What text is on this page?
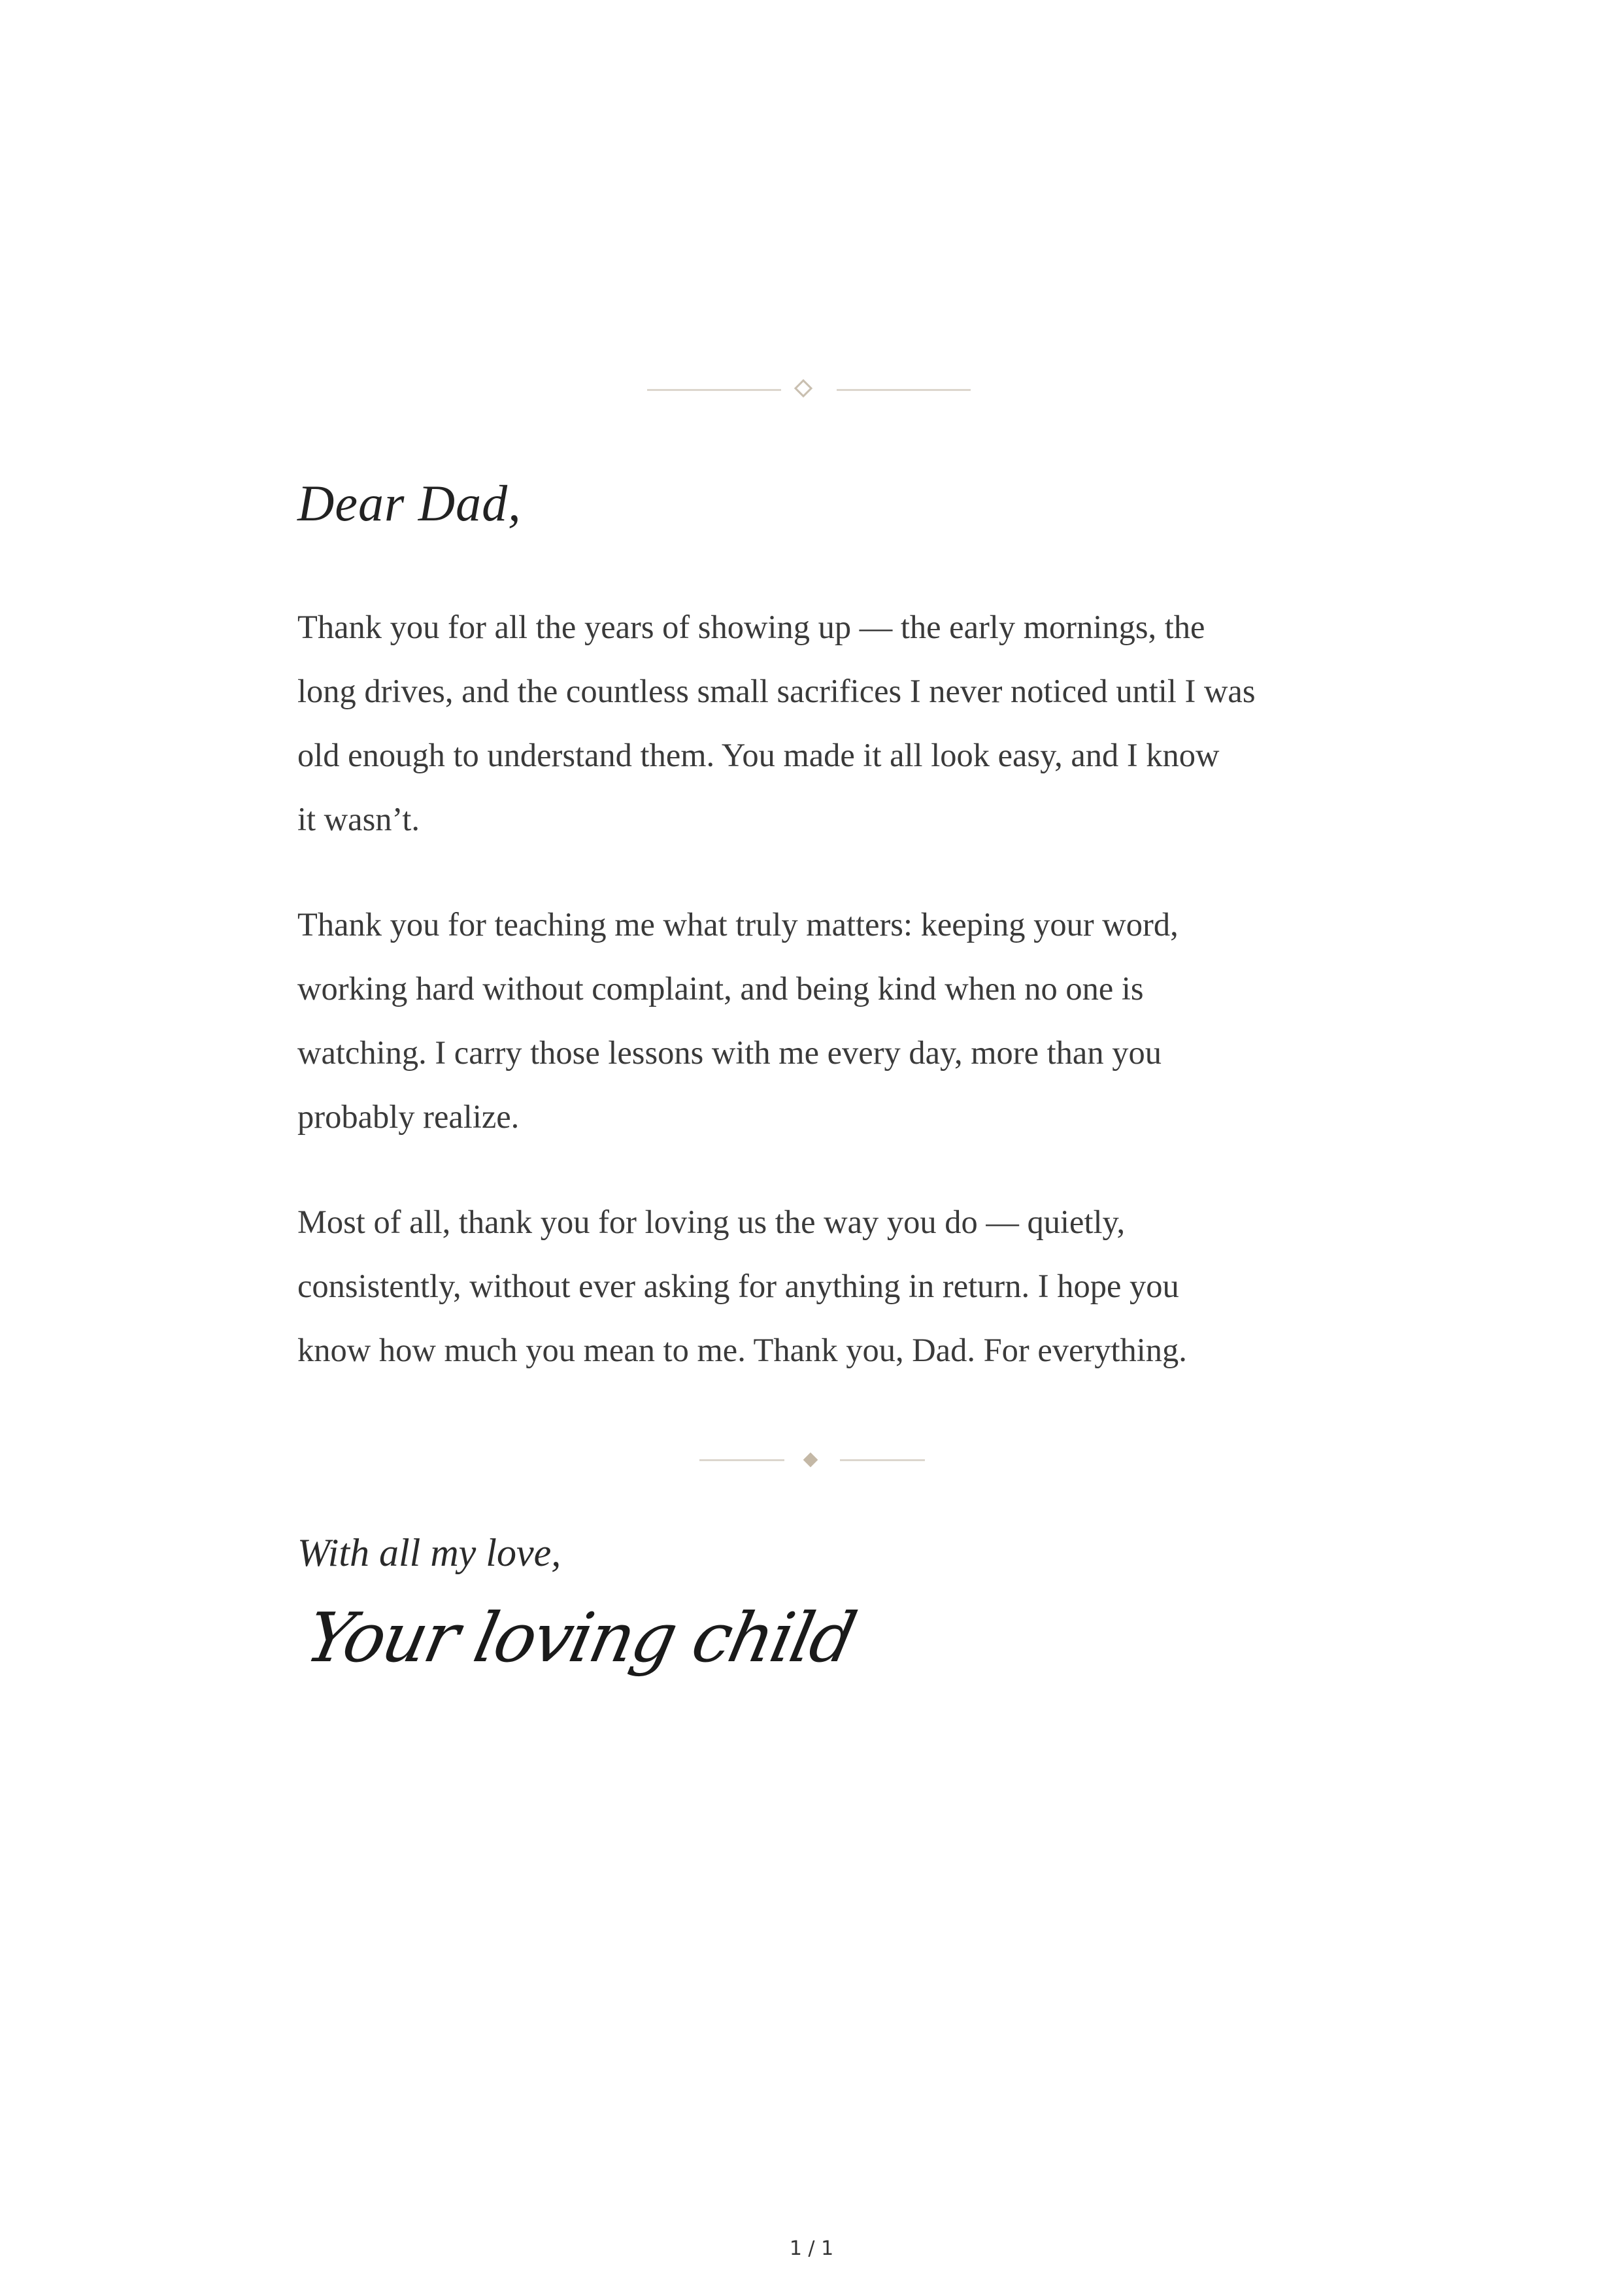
Dear Dad,
Thank you for all the years of showing up — the early mornings, the
long drives, and the countless small sacrifices I never noticed until I was
old enough to understand them. You made it all look easy, and I know
it wasn’t.
Thank you for teaching me what truly matters: keeping your word,
working hard without complaint, and being kind when no one is
watching. I carry those lessons with me every day, more than you
probably realize.
Most of all, thank you for loving us the way you do — quietly,
consistently, without ever asking for anything in return. I hope you
know how much you mean to me. Thank you, Dad. For everything.
With all my love,
Your loving child
1 / 1
